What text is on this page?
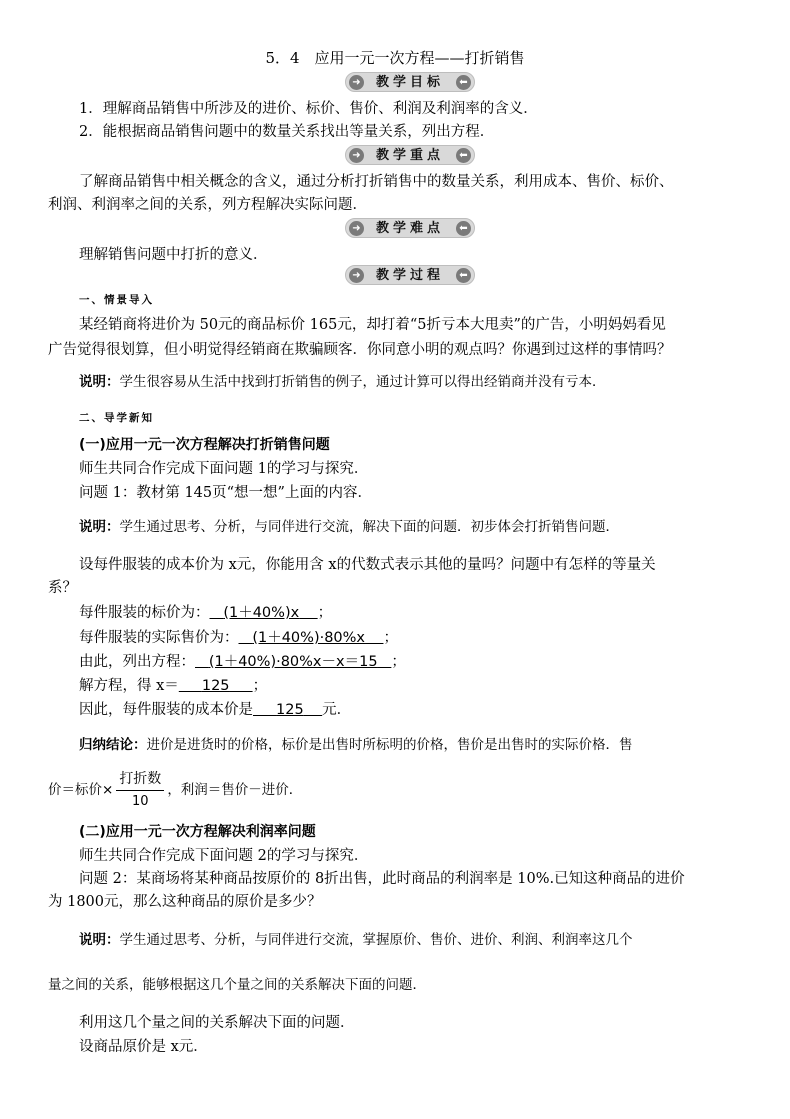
5．4　应用一元一次方程——打折销售
➜	教学目标	⬅
1．理解商品销售中所涉及的进价、标价、售价、利润及利润率的含义．
2．能根据商品销售问题中的数量关系找出等量关系，列出方程．
➜	教学重点	⬅
了解商品销售中相关概念的含义，通过分析打折销售中的数量关系，利用成本、售价、标价、
利润、利润率之间的关系，列方程解决实际问题．
➜	教学难点	⬅
理解销售问题中打折的意义．
➜	教学过程	⬅
一、情景导入
某经销商将进价为 50元的商品标价 165元，却打着“5折亏本大甩卖”的广告，小明妈妈看见
广告觉得很划算，但小明觉得经销商在欺骗顾客．你同意小明的观点吗？你遇到过这样的事情吗？
说明：学生很容易从生活中找到打折销售的例子，通过计算可以得出经销商并没有亏本．
二、导学新知
(一)应用一元一次方程解决打折销售问题
师生共同合作完成下面问题 1的学习与探究．
问题 1：教材第 145页“想一想”上面的内容．
说明：学生通过思考、分析，与同伴进行交流，解决下面的问题．初步体会打折销售问题．
设每件服装的成本价为 x元，你能用含 x的代数式表示其他的量吗？问题中有怎样的等量关
系？
每件服装的标价为： (1＋40%)x ；
每件服装的实际售价为： (1＋40%)·80%x ；
由此，列出方程： (1＋40%)·80%x－x＝15 ；
解方程，得 x＝ 125 ；
因此，每件服装的成本价是 125 元．
归纳结论：进价是进货时的价格，标价是出售时所标明的价格，售价是出售时的实际价格．售
价＝标价× $\frac{\text{打折数}}{10}$ ，利润＝售价－进价．
(二)应用一元一次方程解决利润率问题
师生共同合作完成下面问题 2的学习与探究．
问题 2：某商场将某种商品按原价的 8折出售，此时商品的利润率是 10%.已知这种商品的进价
为 1800元，那么这种商品的原价是多少？
说明：学生通过思考、分析，与同伴进行交流，掌握原价、售价、进价、利润、利润率这几个
量之间的关系，能够根据这几个量之间的关系解决下面的问题．
利用这几个量之间的关系解决下面的问题．
设商品原价是 x元．
